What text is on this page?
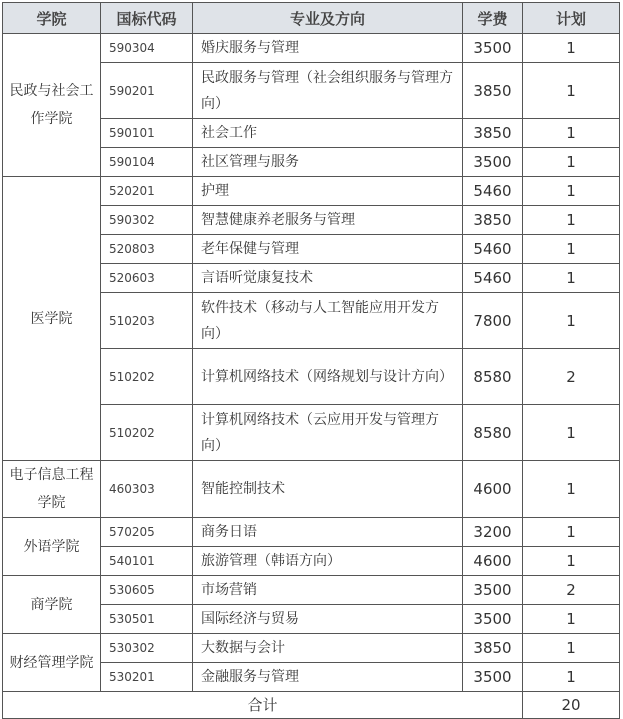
学院	国标代码	专业及方向	学费	计划

民政与社会工作学院	590304	婚庆服务与管理	3500	1
	590201	民政服务与管理（社会组织服务与管理方向）	3850	1
	590101	社会工作	3850	1
	590104	社区管理与服务	3500	1

医学院	520201	护理	5460	1
	590302	智慧健康养老服务与管理	3850	1
	520803	老年保健与管理	5460	1
	520603	言语听觉康复技术	5460	1
	510203	软件技术（移动与人工智能应用开发方向）	7800	1
	510202	计算机网络技术（网络规划与设计方向）	8580	2
	510202	计算机网络技术（云应用开发与管理方向）	8580	1

电子信息工程学院	460303	智能控制技术	4600	1

外语学院	570205	商务日语	3200	1
	540101	旅游管理（韩语方向）	4600	1

商学院	530605	市场营销	3500	2
	530501	国际经济与贸易	3500	1

财经管理学院	530302	大数据与会计	3850	1
	530201	金融服务与管理	3500	1
合计				20
